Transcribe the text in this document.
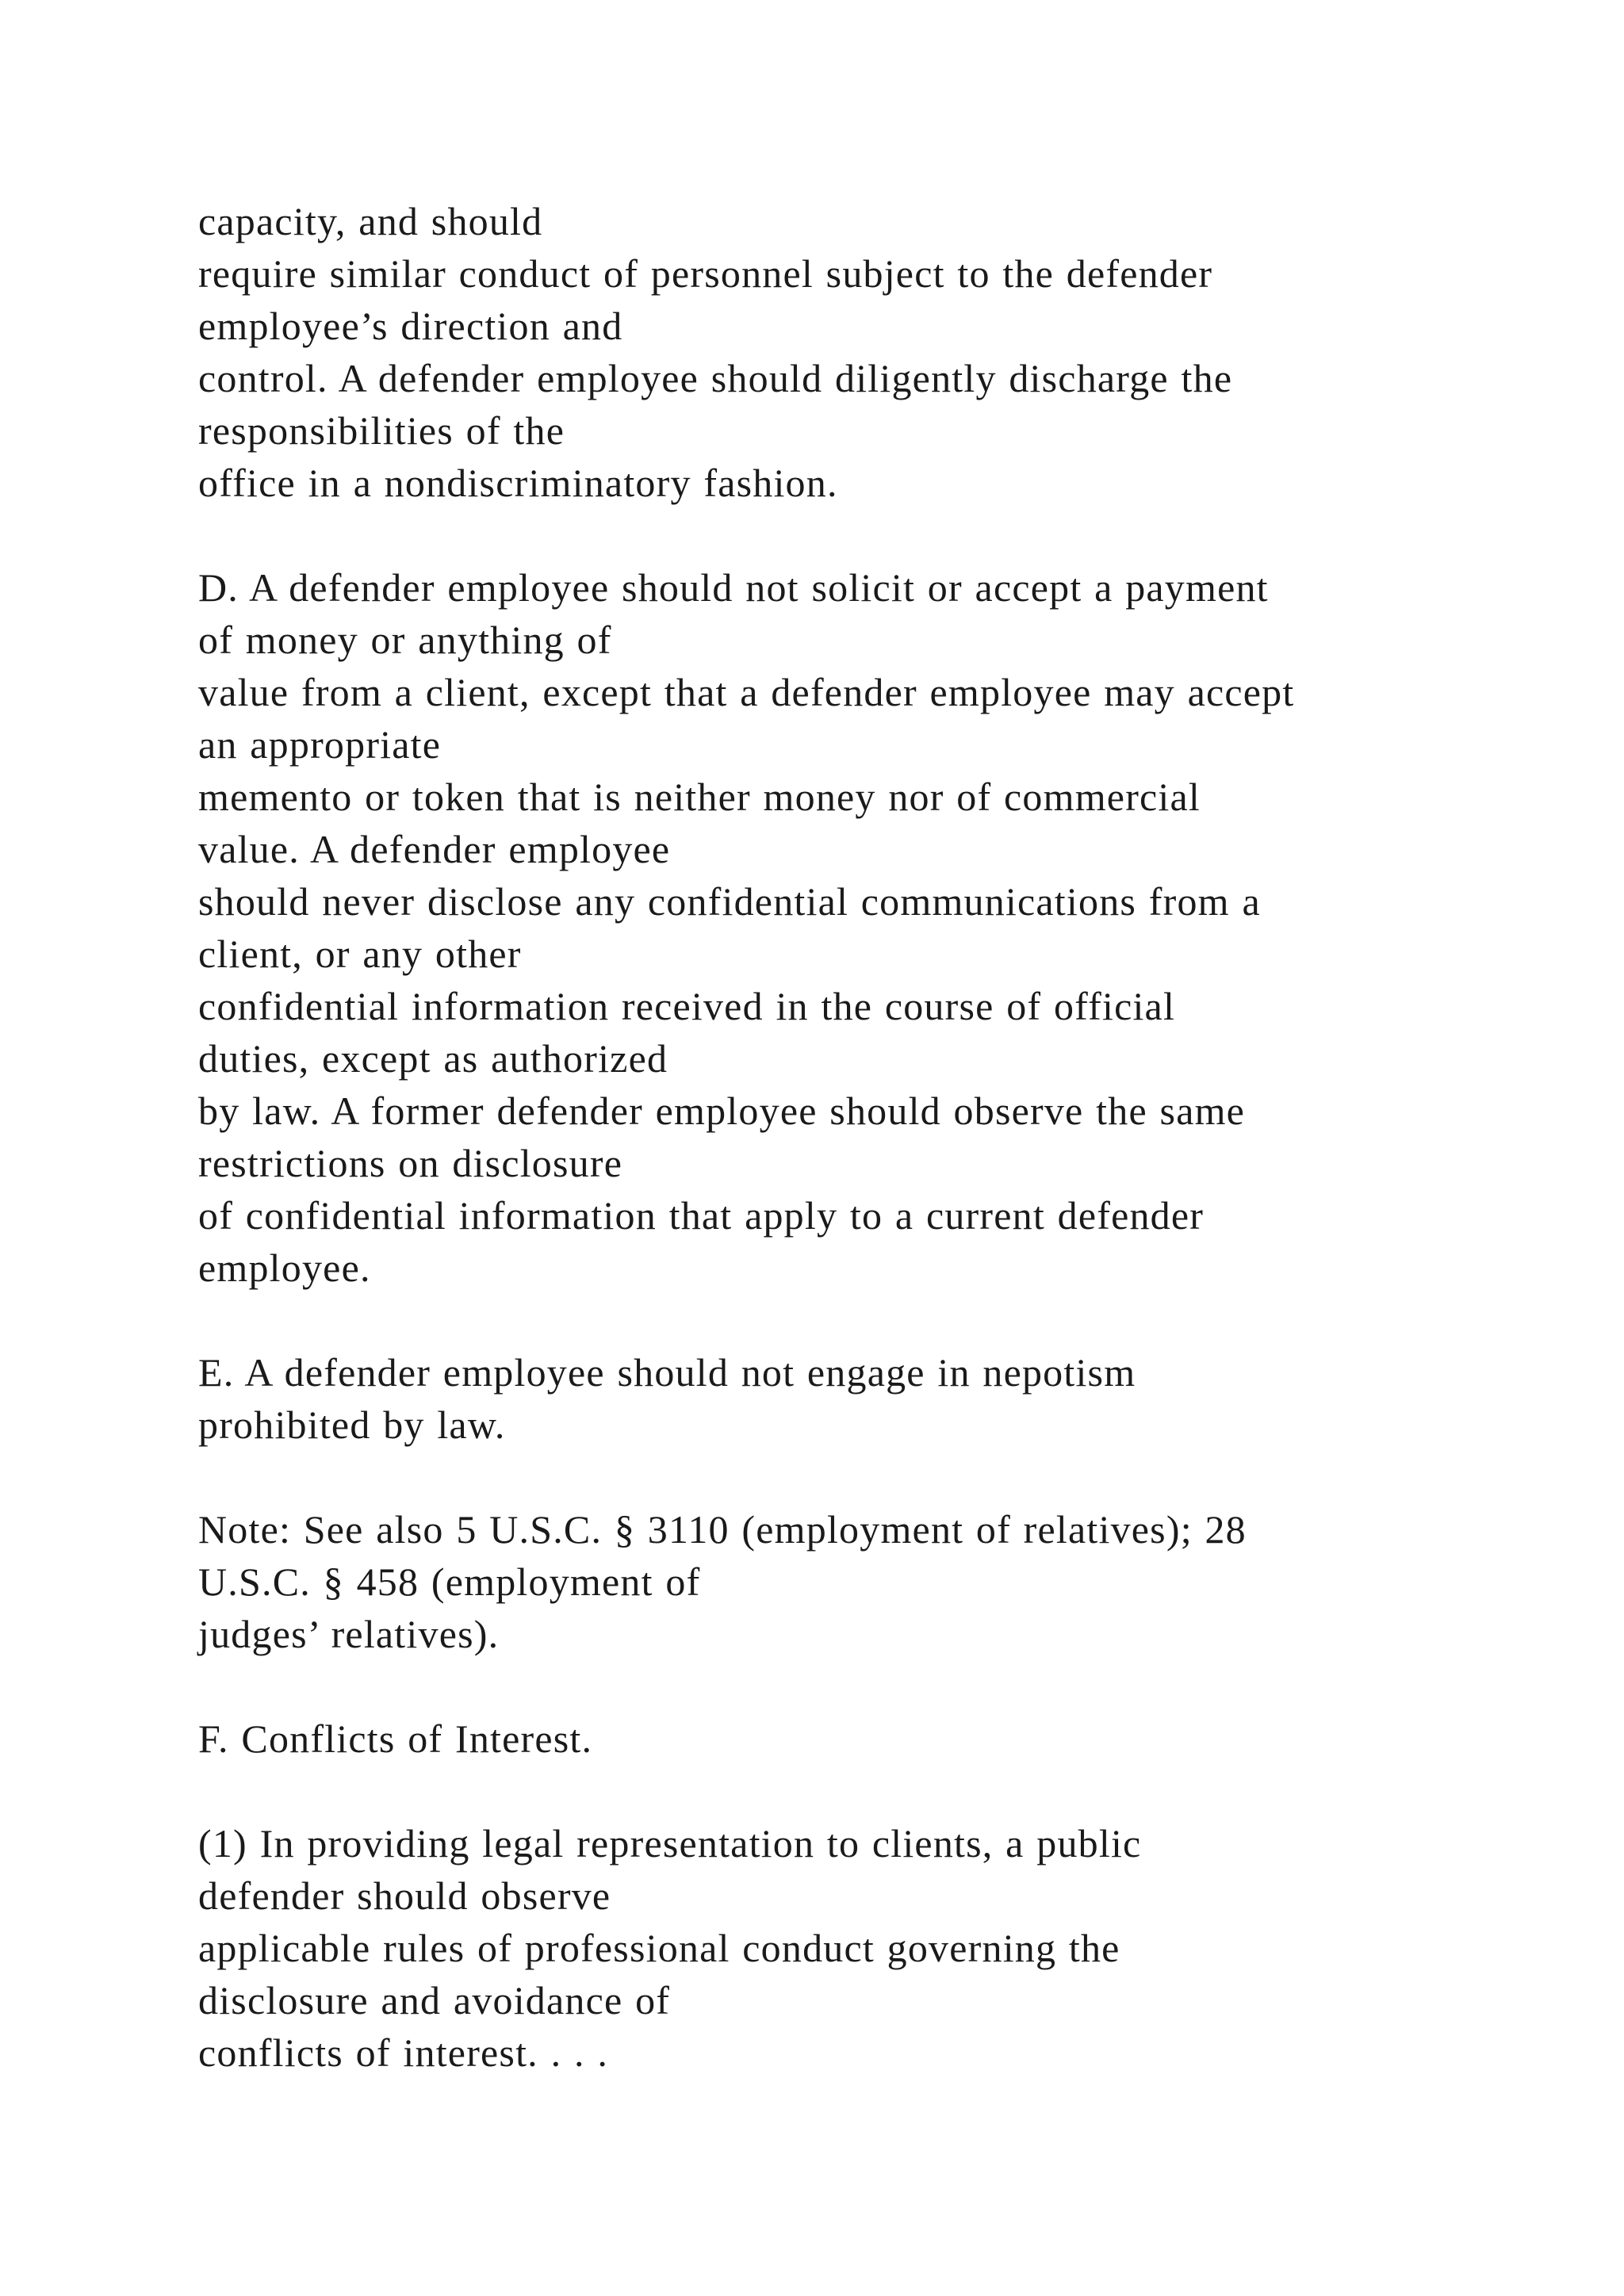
capacity, and should
require similar conduct of personnel subject to the defender
employee’s direction and
control. A defender employee should diligently discharge the
responsibilities of the
office in a nondiscriminatory fashion.
D. A defender employee should not solicit or accept a payment
of money or anything of
value from a client, except that a defender employee may accept
an appropriate
memento or token that is neither money nor of commercial
value. A defender employee
should never disclose any confidential communications from a
client, or any other
confidential information received in the course of official
duties, except as authorized
by law. A former defender employee should observe the same
restrictions on disclosure
of confidential information that apply to a current defender
employee.
E. A defender employee should not engage in nepotism
prohibited by law.
Note: See also 5 U.S.C. § 3110 (employment of relatives); 28
U.S.C. § 458 (employment of
judges’ relatives).
F. Conflicts of Interest.
(1) In providing legal representation to clients, a public
defender should observe
applicable rules of professional conduct governing the
disclosure and avoidance of
conflicts of interest. . . .
